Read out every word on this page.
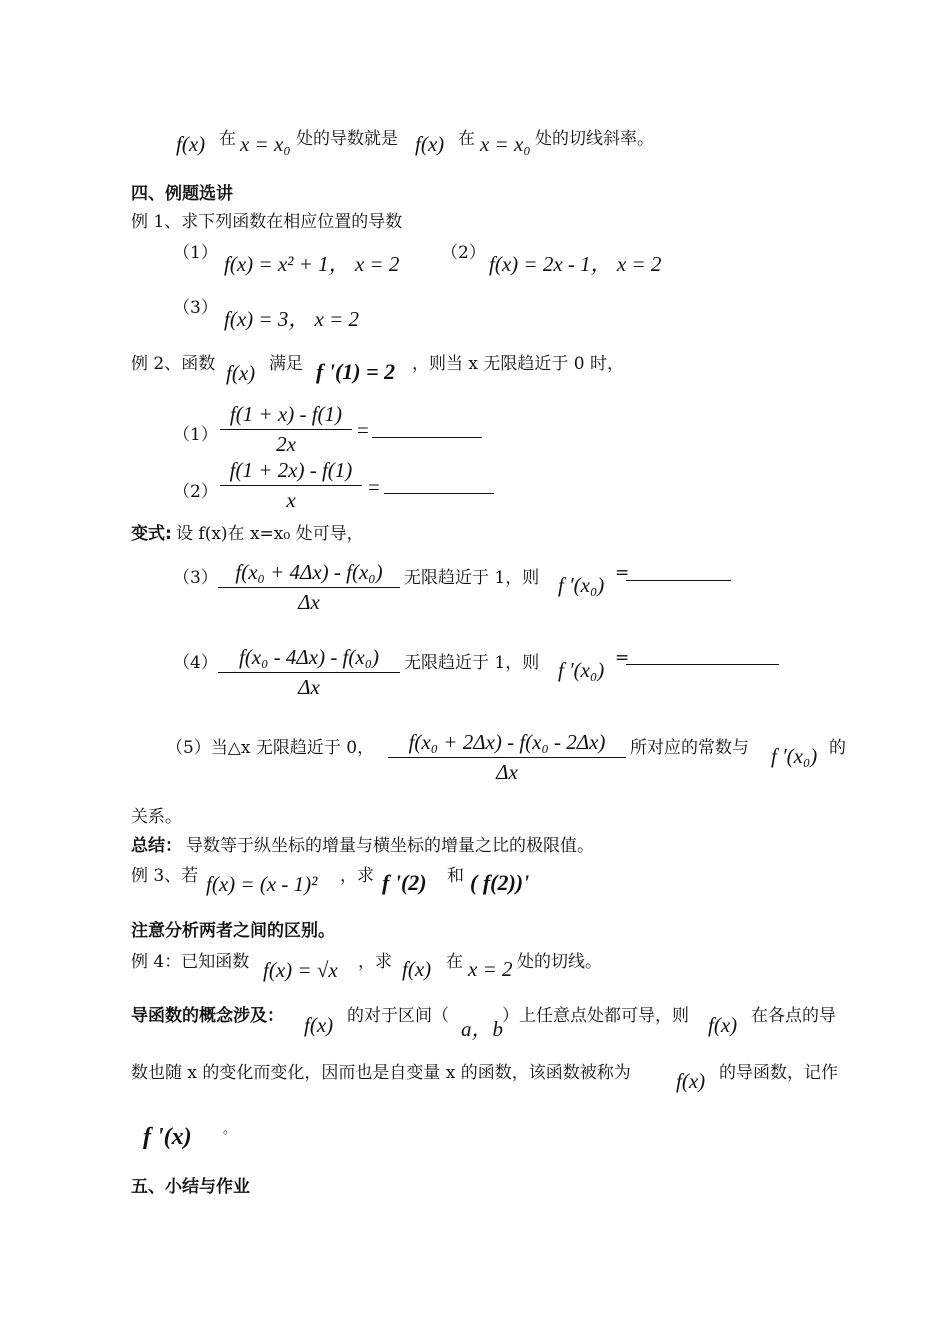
f(x) 在 x = x₀ 处的导数就是 f(x) 在 x = x₀ 处的切线斜率。
四、例题选讲
例 1、求下列函数在相应位置的导数
（1） f(x) = x² + 1， x = 2 （2） f(x) = 2x - 1， x = 2
（3） f(x) = 3， x = 2
例 2、函数 f(x) 满足 f '(1) = 2 ，则当 x 无限趋近于 0 时，
$(1) \frac{f(1 + x) - f(1)}{2x}$ =
$(2) \frac{f(1 + 2x) - f(1)}{x}$ =
变式: 设 f(x)在 x=x₀ 处可导，
$(3) \frac{\text{f(x₀ + 4Δx) - f(x₀)}}{\Delta x}$ 无限趋近于 1，则 f ′(x₀) =
$(4) \frac{\text{f(x₀ - 4Δx) - f(x₀)}}{\Delta x}$ 无限趋近于 1，则 f ′(x₀) =
（5）当△x 无限趋近于 0， $\frac{\text{f(x₀ + 2Δx) - f(x₀ - 2Δx)}}{\Delta x}$ 所对应的常数与 f ′(x₀) 的
关系。
总结： 导数等于纵坐标的增量与横坐标的增量之比的极限值。
例 3、若 f(x) = (x - 1)² ，求 f '(2) 和 ( f(2))'
注意分析两者之间的区别。
例 4：已知函数 f(x) = √x ，求 f(x) 在 x = 2 处的切线。
导函数的概念涉及： f(x) 的对于区间（
a，b
）上任意点处都可导，则 f(x) 在各点的导
数也随 x 的变化而变化，因而也是自变量 x 的函数，该函数被称为 f(x) 的导函数，记作
f '(x) 。
五、小结与作业
